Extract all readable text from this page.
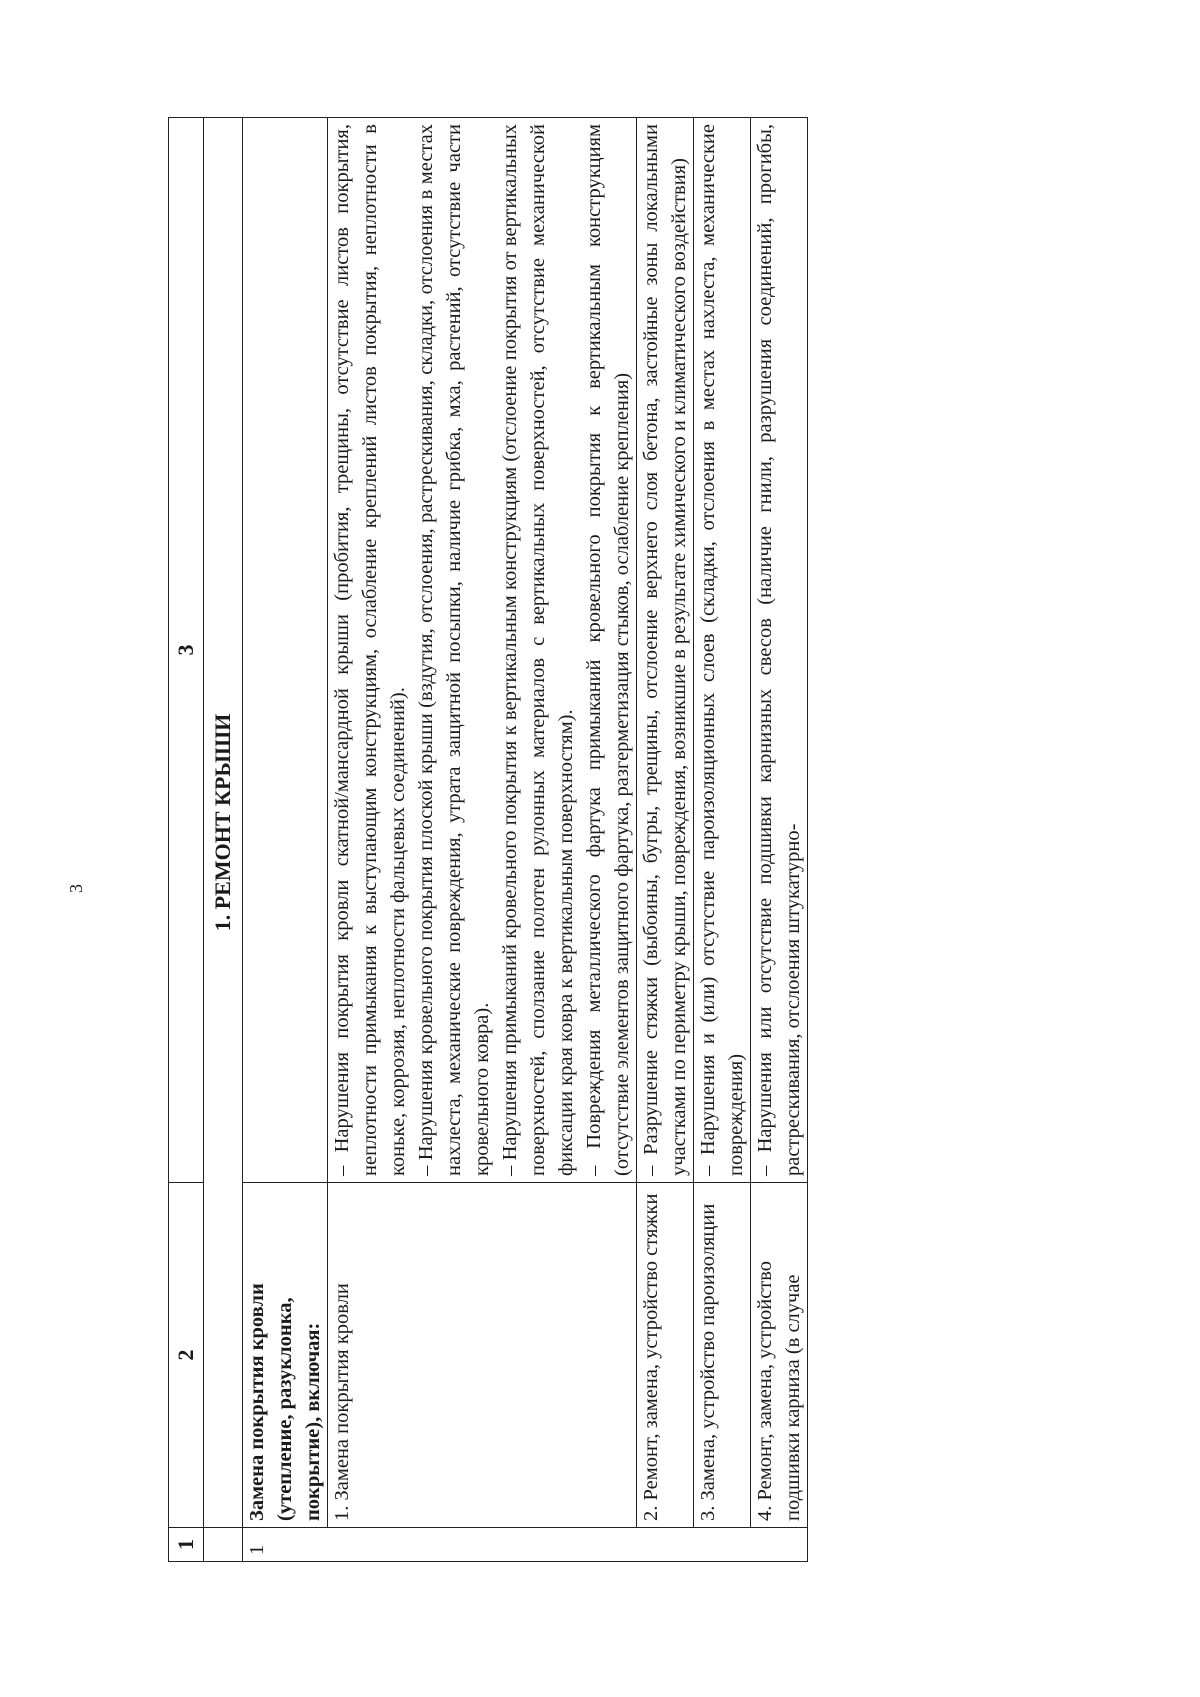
3
1	2	3
	1. РЕМОНТ КРЫШИ	
1	Замена покрытия кровли (утепление, разуклонка, покрытие), включая:	
	1. Замена покрытия кровли	– Нарушения покрытия кровли скатной/мансардной крыши (пробития, трещины, отсутствие листов покрытия, неплотности примыкания к выступающим конструкциям, ослабление креплений листов покрытия, неплотности в коньке, коррозия, неплотности фальцевых соединений). – Нарушения кровельного покрытия плоской крыши (вздутия, отслоения, растрескивания, складки, отслоения в местах нахлеста, механические повреждения, утрата защитной посыпки, наличие грибка, мха, растений, отсутствие части кровельного ковра). – Нарушения примыканий кровельного покрытия к вертикальным конструкциям (отслоение покрытия от вертикальных поверхностей, сползание полотен рулонных материалов с вертикальных поверхностей, отсутствие механической фиксации края ковра к вертикальным поверхностям). – Повреждения металлического фартука примыканий кровельного покрытия к вертикальным конструкциям (отсутствие элементов защитного фартука, разгерметизация стыков, ослабление крепления)

	2. Ремонт, замена, устройство стяжки	– Разрушение стяжки (выбоины, бугры, трещины, отслоение верхнего слоя бетона, застойные зоны локальными участками по периметру крыши, повреждения, возникшие в результате химического и климатического воздействия)

	3. Замена, устройство пароизоляции	– Нарушения и (или) отсутствие пароизоляционных слоев (складки, отслоения в местах нахлеста, механические повреждения)

	4. Ремонт, замена, устройство подшивки карниза (в случае	– Нарушения или отсутствие подшивки карнизных свесов (наличие гнили, разрушения соединений, прогибы, растрескивания, отслоения штукатурно-
